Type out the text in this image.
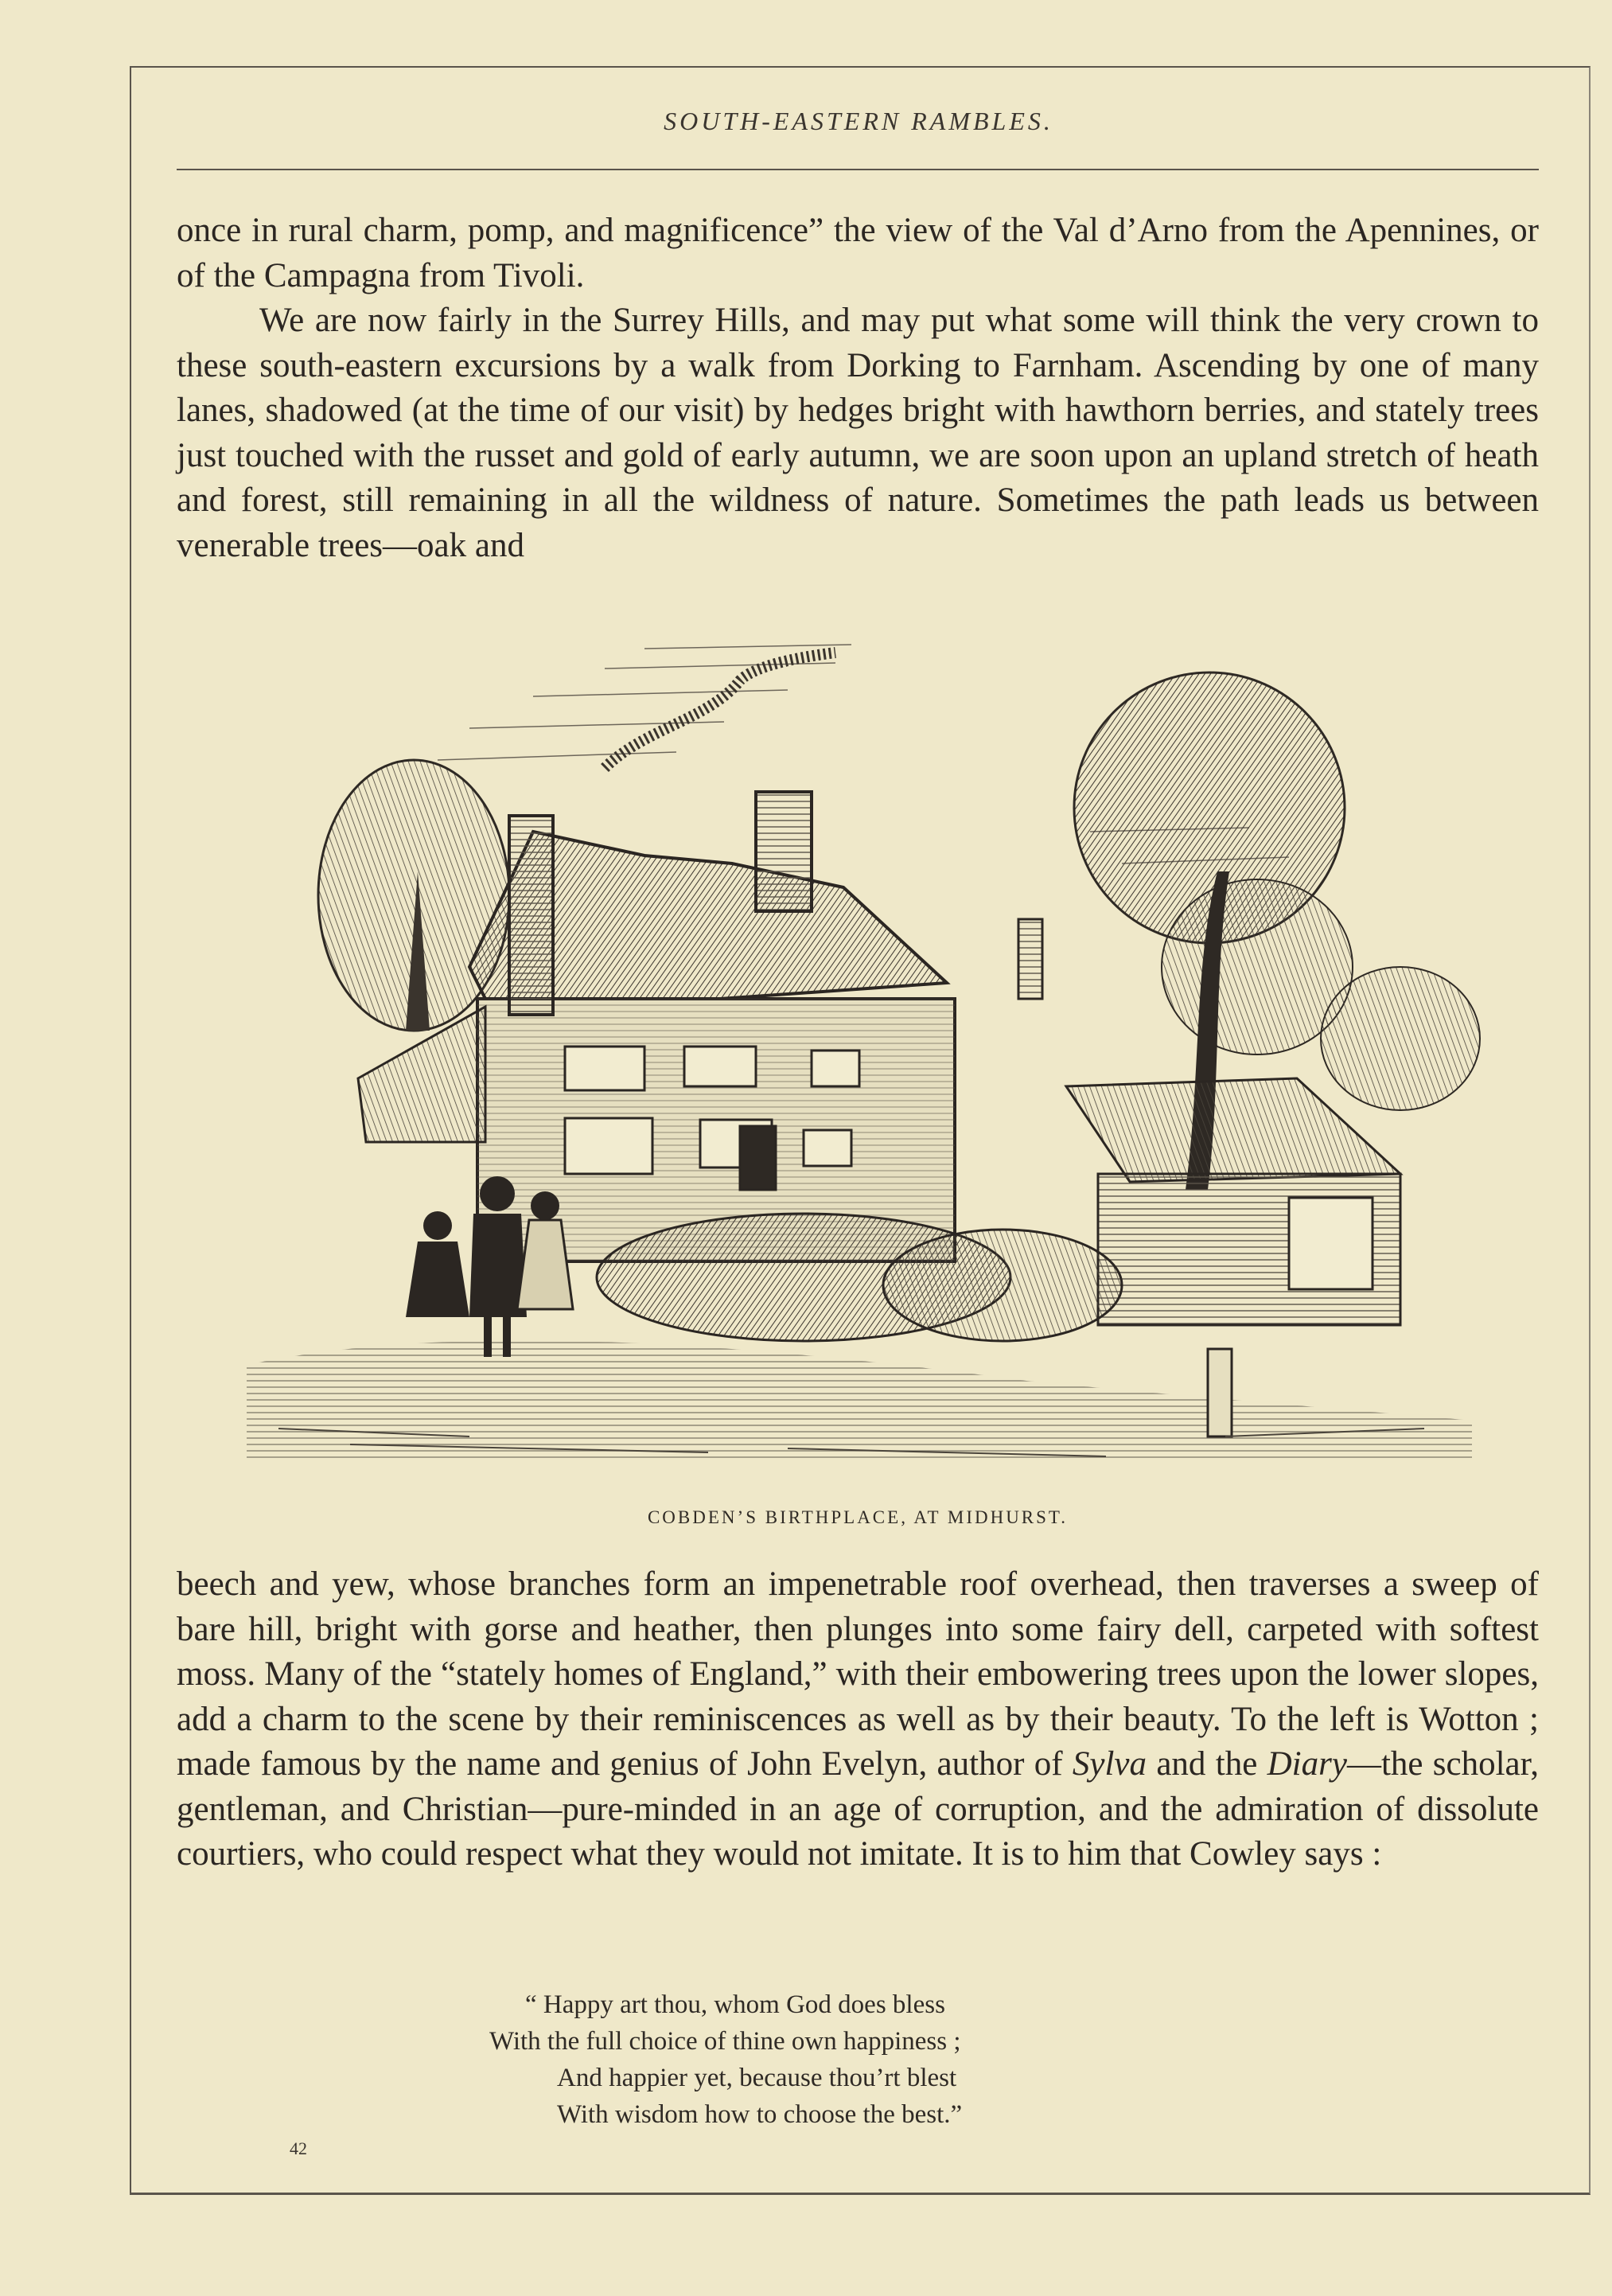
SOUTH-EASTERN RAMBLES.

once in rural charm, pomp, and magnificence” the view of the Val d’Arno from the Apennines, or of the Campagna from Tivoli.

We are now fairly in the Surrey Hills, and may put what some will think the very crown to these south-eastern excursions by a walk from Dorking to Farnham. Ascending by one of many lanes, shadowed (at the time of our visit) by hedges bright with hawthorn berries, and stately trees just touched with the russet and gold of early autumn, we are soon upon an upland stretch of heath and forest, still remaining in all the wildness of nature. Sometimes the path leads us between venerable trees—oak and

COBDEN’S BIRTHPLACE, AT MIDHURST.

beech and yew, whose branches form an impenetrable roof overhead, then traverses a sweep of bare hill, bright with gorse and heather, then plunges into some fairy dell, carpeted with softest moss. Many of the “stately homes of England,” with their embowering trees upon the lower slopes, add a charm to the scene by their reminiscences as well as by their beauty. To the left is Wotton ; made famous by the name and genius of John Evelyn, author of Sylva and the Diary—the scholar, gentleman, and Christian—pure-minded in an age of corruption, and the admiration of dissolute courtiers, who could respect what they would not imitate. It is to him that Cowley says :

“ Happy art thou, whom God does bless
With the full choice of thine own happiness ;
And happier yet, because thou’rt blest
With wisdom how to choose the best.”
42
